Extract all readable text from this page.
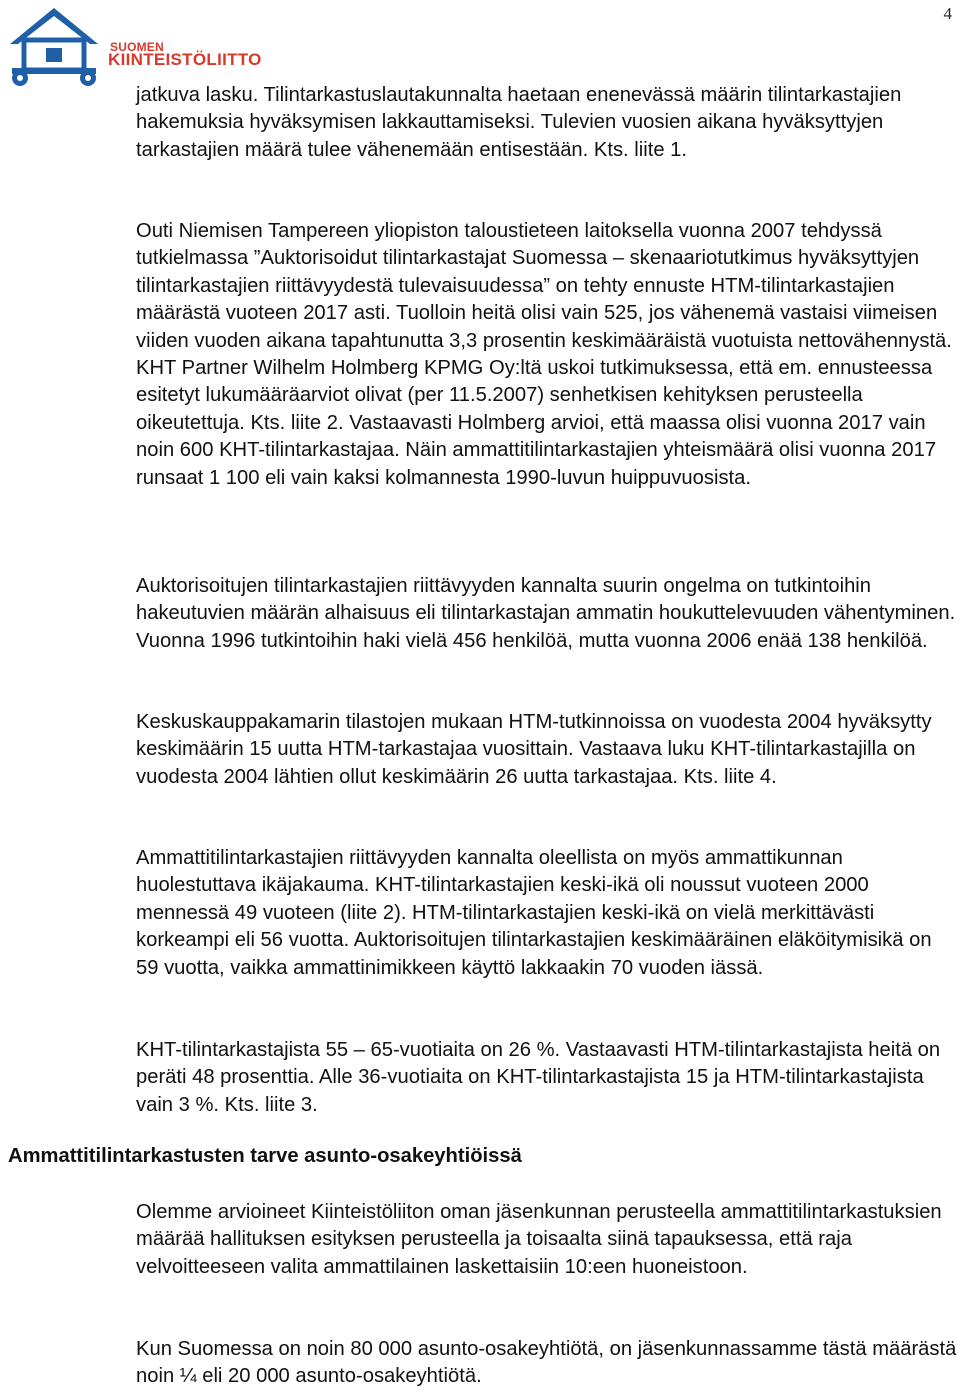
4
SUOMEN
KIINTEISTÖLIITTO

jatkuva lasku. Tilintarkastuslautakunnalta haetaan enenevässä määrin tilintarkastajien hakemuksia hyväksymisen lakkauttamiseksi. Tulevien vuosien aikana hyväksyttyjen tarkastajien määrä tulee vähenemään entisestään. Kts. liite 1.

Outi Niemisen Tampereen yliopiston taloustieteen laitoksella vuonna 2007 tehdyssä tutkielmassa ”Auktorisoidut tilintarkastajat Suomessa – skenaariotutkimus hyväksyttyjen tilintarkastajien riittävyydestä tulevaisuudessa” on tehty ennuste HTM-tilintarkastajien määrästä vuoteen 2017 asti. Tuolloin heitä olisi vain 525, jos vähenemä vastaisi viimeisen viiden vuoden aikana tapahtunutta 3,3 prosentin keskimääräistä vuotuista nettovähennystä. KHT Partner Wilhelm Holmberg KPMG Oy:ltä uskoi tutkimuksessa, että em. ennusteessa esitetyt lukumääräarviot olivat (per 11.5.2007) senhetkisen kehityksen perusteella oikeutettuja. Kts. liite 2. Vastaavasti Holmberg arvioi, että maassa olisi vuonna 2017 vain noin 600 KHT-tilintarkastajaa. Näin ammattitilintarkastajien yhteismäärä olisi vuonna 2017 runsaat 1 100 eli vain kaksi kolmannesta 1990-luvun huippuvuosista.

Auktorisoitujen tilintarkastajien riittävyyden kannalta suurin ongelma on tutkintoihin hakeutuvien määrän alhaisuus eli tilintarkastajan ammatin houkuttelevuuden vähentyminen. Vuonna 1996 tutkintoihin haki vielä 456 henkilöä, mutta vuonna 2006 enää 138 henkilöä.

Keskuskauppakamarin tilastojen mukaan HTM-tutkinnoissa on vuodesta 2004 hyväksytty keskimäärin 15 uutta HTM-tarkastajaa vuosittain. Vastaava luku KHT-tilintarkastajilla on vuodesta 2004 lähtien ollut keskimäärin 26 uutta tarkastajaa. Kts. liite 4.

Ammattitilintarkastajien riittävyyden kannalta oleellista on myös ammattikunnan huolestuttava ikäjakauma. KHT-tilintarkastajien keski-ikä oli noussut vuoteen 2000 mennessä 49 vuoteen (liite 2). HTM-tilintarkastajien keski-ikä on vielä merkittävästi korkeampi eli 56 vuotta. Auktorisoitujen tilintarkastajien keskimääräinen eläköitymisikä on 59 vuotta, vaikka ammattinimikkeen käyttö lakkaakin 70 vuoden iässä.

KHT-tilintarkastajista 55 – 65-vuotiaita on 26 %. Vastaavasti HTM-tilintarkastajista heitä on peräti 48 prosenttia. Alle 36-vuotiaita on KHT-tilintarkastajista 15 ja HTM-tilintarkastajista vain 3 %. Kts. liite 3.

Ammattitilintarkastusten tarve asunto-osakeyhtiöissä

Olemme arvioineet Kiinteistöliiton oman jäsenkunnan perusteella ammattitilintarkastuksien määrää hallituksen esityksen perusteella ja toisaalta siinä tapauksessa, että raja velvoitteeseen valita ammattilainen laskettaisiin 10:een huoneistoon.

Kun Suomessa on noin 80 000 asunto-osakeyhtiötä, on jäsenkunnassamme tästä määrästä noin ¼ eli 20 000 asunto-osakeyhtiötä.
